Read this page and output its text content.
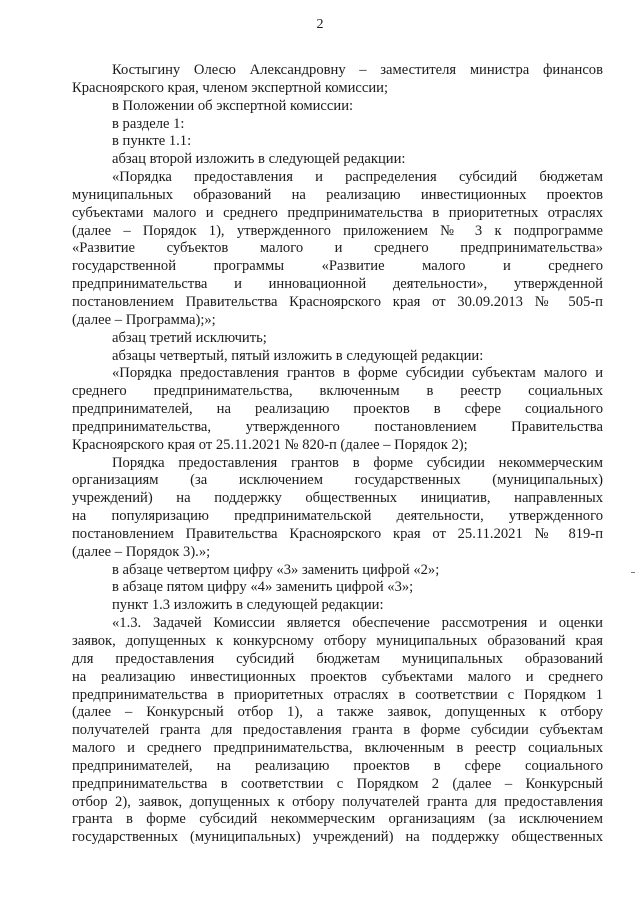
2
Костыгину Олесю Александровну – заместителя министра финансов
Красноярского края, членом экспертной комиссии;
в Положении об экспертной комиссии:
в разделе 1:
в пункте 1.1:
абзац второй изложить в следующей редакции:
«Порядка предоставления и распределения субсидий бюджетам
муниципальных образований на реализацию инвестиционных проектов
субъектами малого и среднего предпринимательства в приоритетных отраслях
(далее – Порядок 1), утвержденного приложением № 3 к подпрограмме
«Развитие субъектов малого и среднего предпринимательства»
государственной программы «Развитие малого и среднего
предпринимательства и инновационной деятельности», утвержденной
постановлением Правительства Красноярского края от 30.09.2013 № 505-п
(далее – Программа);»;
абзац третий исключить;
абзацы четвертый, пятый изложить в следующей редакции:
«Порядка предоставления грантов в форме субсидии субъектам малого и
среднего предпринимательства, включенным в реестр социальных
предпринимателей, на реализацию проектов в сфере социального
предпринимательства, утвержденного постановлением Правительства
Красноярского края от 25.11.2021 № 820-п (далее – Порядок 2);
Порядка предоставления грантов в форме субсидии некоммерческим
организациям (за исключением государственных (муниципальных)
учреждений) на поддержку общественных инициатив, направленных
на популяризацию предпринимательской деятельности, утвержденного
постановлением Правительства Красноярского края от 25.11.2021 № 819-п
(далее – Порядок 3).»;
в абзаце четвертом цифру «3» заменить цифрой «2»;
в абзаце пятом цифру «4» заменить цифрой «3»;
пункт 1.3 изложить в следующей редакции:
«1.3. Задачей Комиссии является обеспечение рассмотрения и оценки
заявок, допущенных к конкурсному отбору муниципальных образований края
для предоставления субсидий бюджетам муниципальных образований
на реализацию инвестиционных проектов субъектами малого и среднего
предпринимательства в приоритетных отраслях в соответствии с Порядком 1
(далее – Конкурсный отбор 1), а также заявок, допущенных к отбору
получателей гранта для предоставления гранта в форме субсидии субъектам
малого и среднего предпринимательства, включенным в реестр социальных
предпринимателей, на реализацию проектов в сфере социального
предпринимательства в соответствии с Порядком 2 (далее – Конкурсный
отбор 2), заявок, допущенных к отбору получателей гранта для предоставления
гранта в форме субсидий некоммерческим организациям (за исключением
государственных (муниципальных) учреждений) на поддержку общественных
